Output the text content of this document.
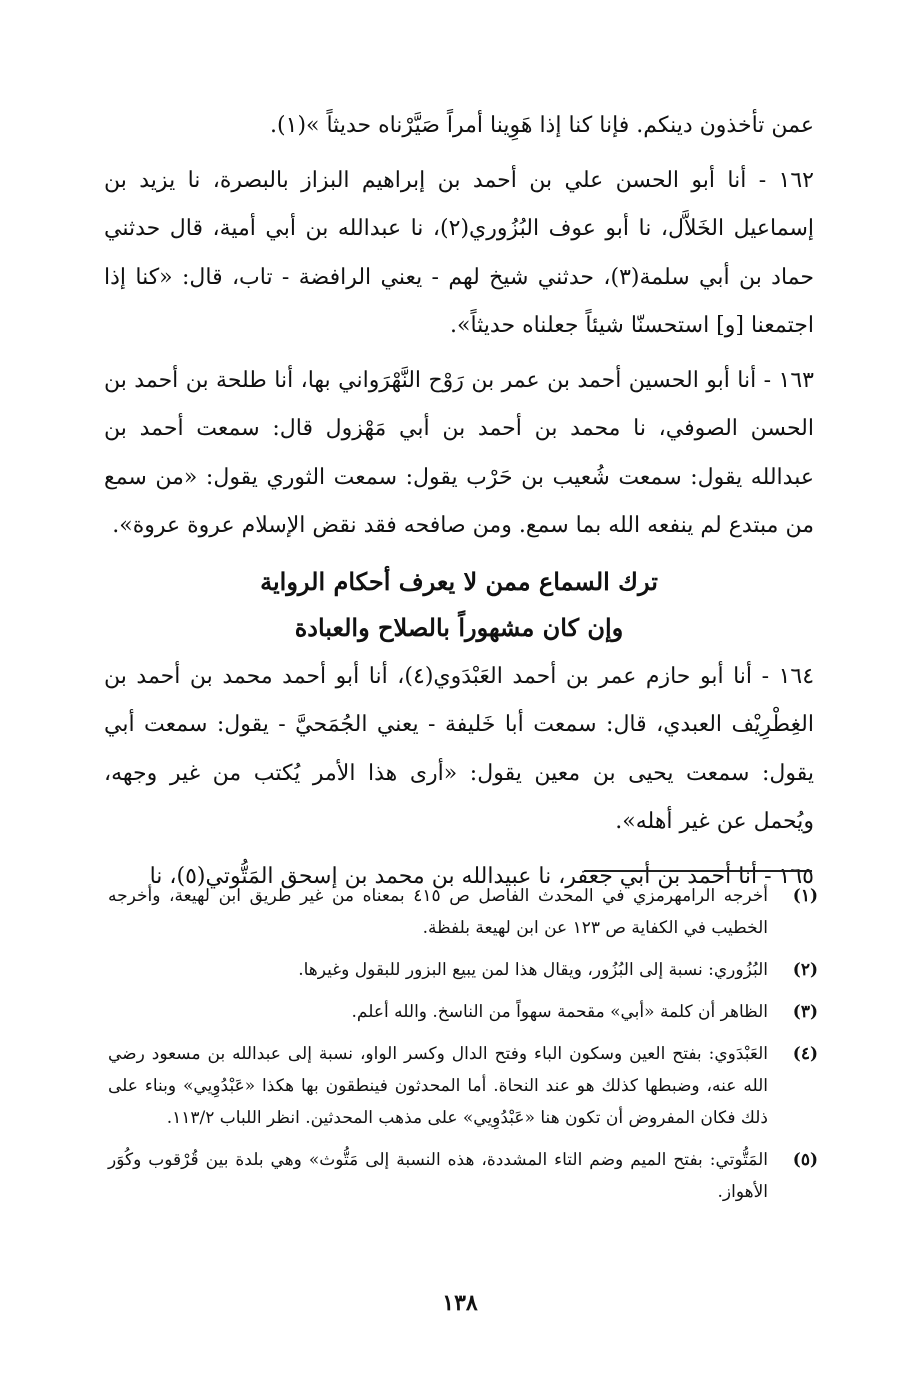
عمن تأخذون دينكم. فإنا كنا إذا هَوِينا أمراً صَيَّرْناه حديثاً »(١).

١٦٢ - أنا أبو الحسن علي بن أحمد بن إبراهيم البزاز بالبصرة، نا يزيد بن إسماعيل الخَلاَّل، نا أبو عوف البُزُوري(٢)، نا عبدالله بن أبي أمية، قال حدثني حماد بن أبي سلمة(٣)، حدثني شيخ لهم - يعني الرافضة - تاب، قال: «كنا إذا اجتمعنا [و] استحسنّا شيئاً جعلناه حديثاً».

١٦٣ - أنا أبو الحسين أحمد بن عمر بن رَوْح النَّهْرَواني بها، أنا طلحة بن أحمد بن الحسن الصوفي، نا محمد بن أحمد بن أبي مَهْزول قال: سمعت أحمد بن عبدالله يقول: سمعت شُعيب بن حَرْب يقول: سمعت الثوري يقول: «من سمع من مبتدع لم ينفعه الله بما سمع. ومن صافحه فقد نقض الإسلام عروة عروة».

ترك السماع ممن لا يعرف أحكام الرواية
وإن كان مشهوراً بالصلاح والعبادة

١٦٤ - أنا أبو حازم عمر بن أحمد العَبْدَوي(٤)، أنا أبو أحمد محمد بن أحمد بن الغِطْرِيْف العبدي، قال: سمعت أبا خَليفة - يعني الجُمَحيَّ - يقول: سمعت أبي يقول: سمعت يحيى بن معين يقول: «أرى هذا الأمر يُكتب من غير وجهه، ويُحمل عن غير أهله».

١٦٥ - أنا أحمد بن أبي جعفر، نا عبيدالله بن محمد بن إسحق المَتُّوتي(٥)، نا

(١)
أخرجه الرامهرمزي في المحدث الفاصل ص ٤١٥ بمعناه من غير طريق ابن لهيعة، وأخرجه الخطيب في الكفاية ص ١٢٣ عن ابن لهيعة بلفظة.
(٢)
البُزُوري: نسبة إلى البُزُور، ويقال هذا لمن يبيع البزور للبقول وغيرها.
(٣)
الظاهر أن كلمة «أبي» مقحمة سهواً من الناسخ. والله أعلم.
(٤)
العَبْدَوي: بفتح العين وسكون الباء وفتح الدال وكسر الواو، نسبة إلى عبدالله بن مسعود رضي الله عنه، وضبطها كذلك هو عند النحاة. أما المحدثون فينطقون بها هكذا «عَبْدُوِيي» وبناء على ذلك فكان المفروض أن تكون هنا «عَبْدُوِيي» على مذهب المحدثين. انظر اللباب ١١٣/٢.
(٥)
المَتُّوتي: بفتح الميم وضم التاء المشددة، هذه النسبة إلى مَتُّوث» وهي بلدة بين قُرْقوب وكُوَر الأهواز.
١٣٨
